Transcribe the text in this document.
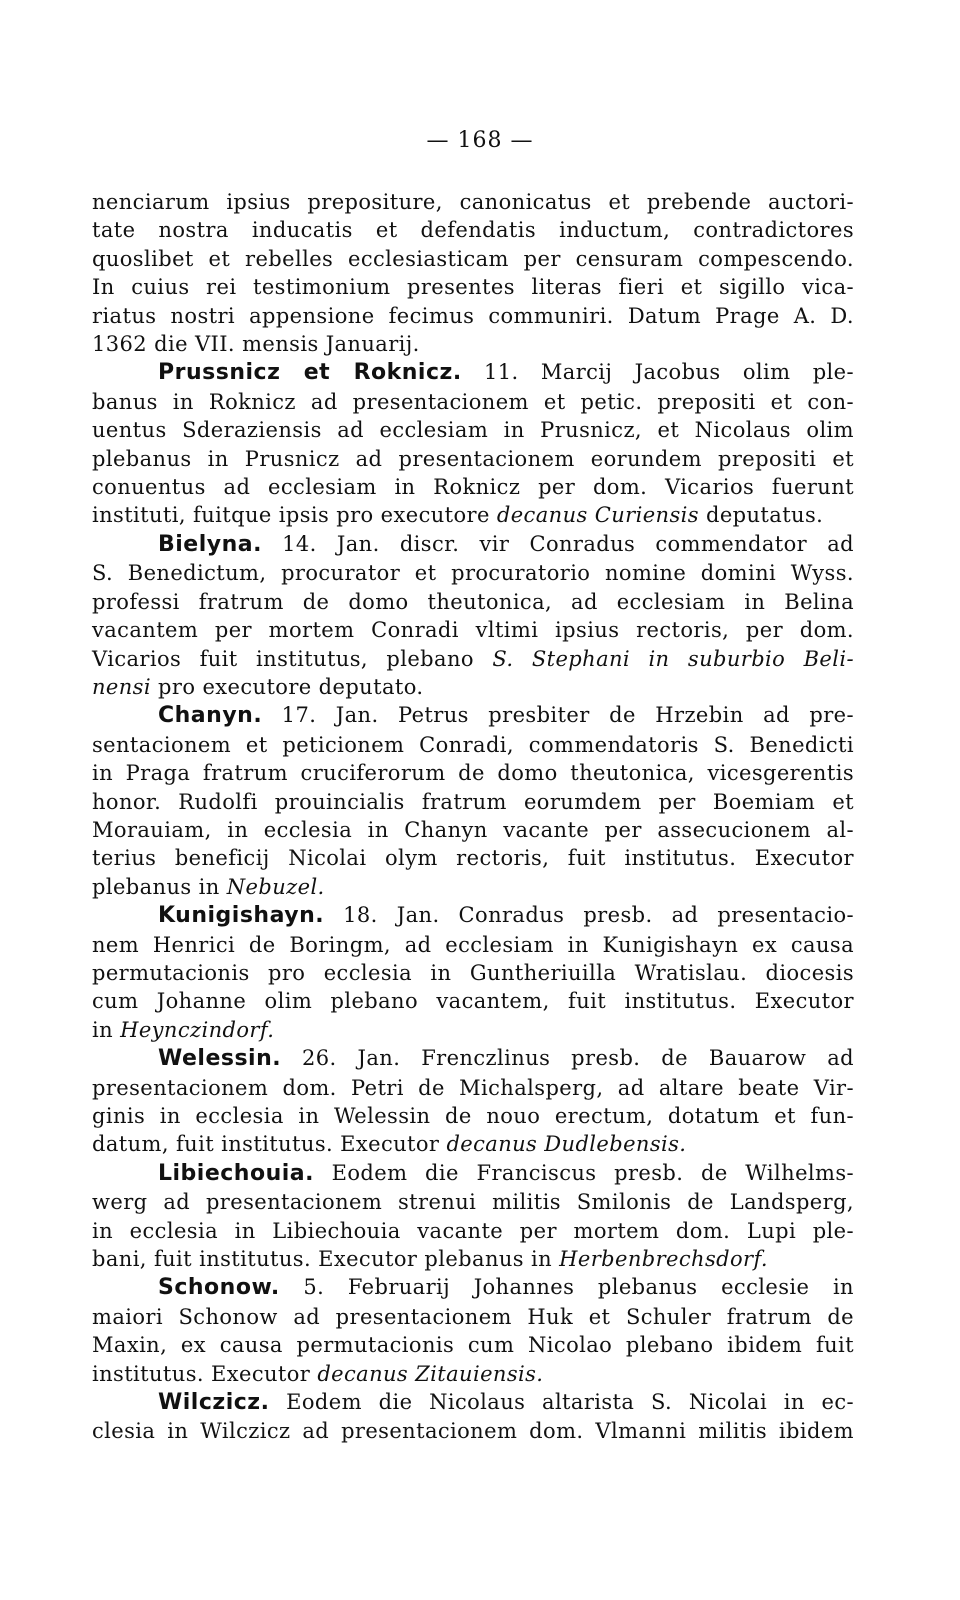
— 168 —
nenciarum ipsius prepositure, canonicatus et prebende auctori-
tate nostra inducatis et defendatis inductum, contradictores
quoslibet et rebelles ecclesiasticam per censuram compescendo.
In cuius rei testimonium presentes literas fieri et sigillo vica-
riatus nostri appensione fecimus communiri. Datum Prage A. D.
1362 die VII. mensis Januarij.
Prussnicz et Roknicz. 11. Marcij Jacobus olim ple-
banus in Roknicz ad presentacionem et petic. prepositi et con-
uentus Sderaziensis ad ecclesiam in Prusnicz, et Nicolaus olim
plebanus in Prusnicz ad presentacionem eorundem prepositi et
conuentus ad ecclesiam in Roknicz per dom. Vicarios fuerunt
instituti, fuitque ipsis pro executore decanus Curiensis deputatus.
Bielyna. 14. Jan. discr. vir Conradus commendator ad
S. Benedictum, procurator et procuratorio nomine domini Wyss.
professi fratrum de domo theutonica, ad ecclesiam in Belina
vacantem per mortem Conradi vltimi ipsius rectoris, per dom.
Vicarios fuit institutus, plebano S. Stephani in suburbio Beli-
nensi pro executore deputato.
Chanyn. 17. Jan. Petrus presbiter de Hrzebin ad pre-
sentacionem et peticionem Conradi, commendatoris S. Benedicti
in Praga fratrum cruciferorum de domo theutonica, vicesgerentis
honor. Rudolfi prouincialis fratrum eorumdem per Boemiam et
Morauiam, in ecclesia in Chanyn vacante per assecucionem al-
terius beneficij Nicolai olym rectoris, fuit institutus. Executor
plebanus in Nebuzel.
Kunigishayn. 18. Jan. Conradus presb. ad presentacio-
nem Henrici de Boringm, ad ecclesiam in Kunigishayn ex causa
permutacionis pro ecclesia in Guntheriuilla Wratislau. diocesis
cum Johanne olim plebano vacantem, fuit institutus. Executor
in Heynczindorf.
Welessin. 26. Jan. Frenczlinus presb. de Bauarow ad
presentacionem dom. Petri de Michalsperg, ad altare beate Vir-
ginis in ecclesia in Welessin de nouo erectum, dotatum et fun-
datum, fuit institutus. Executor decanus Dudlebensis.
Libiechouia. Eodem die Franciscus presb. de Wilhelms-
werg ad presentacionem strenui militis Smilonis de Landsperg,
in ecclesia in Libiechouia vacante per mortem dom. Lupi ple-
bani, fuit institutus. Executor plebanus in Herbenbrechsdorf.
Schonow. 5. Februarij Johannes plebanus ecclesie in
maiori Schonow ad presentacionem Huk et Schuler fratrum de
Maxin, ex causa permutacionis cum Nicolao plebano ibidem fuit
institutus. Executor decanus Zitauiensis.
Wilczicz. Eodem die Nicolaus altarista S. Nicolai in ec-
clesia in Wilczicz ad presentacionem dom. Vlmanni militis ibidem
